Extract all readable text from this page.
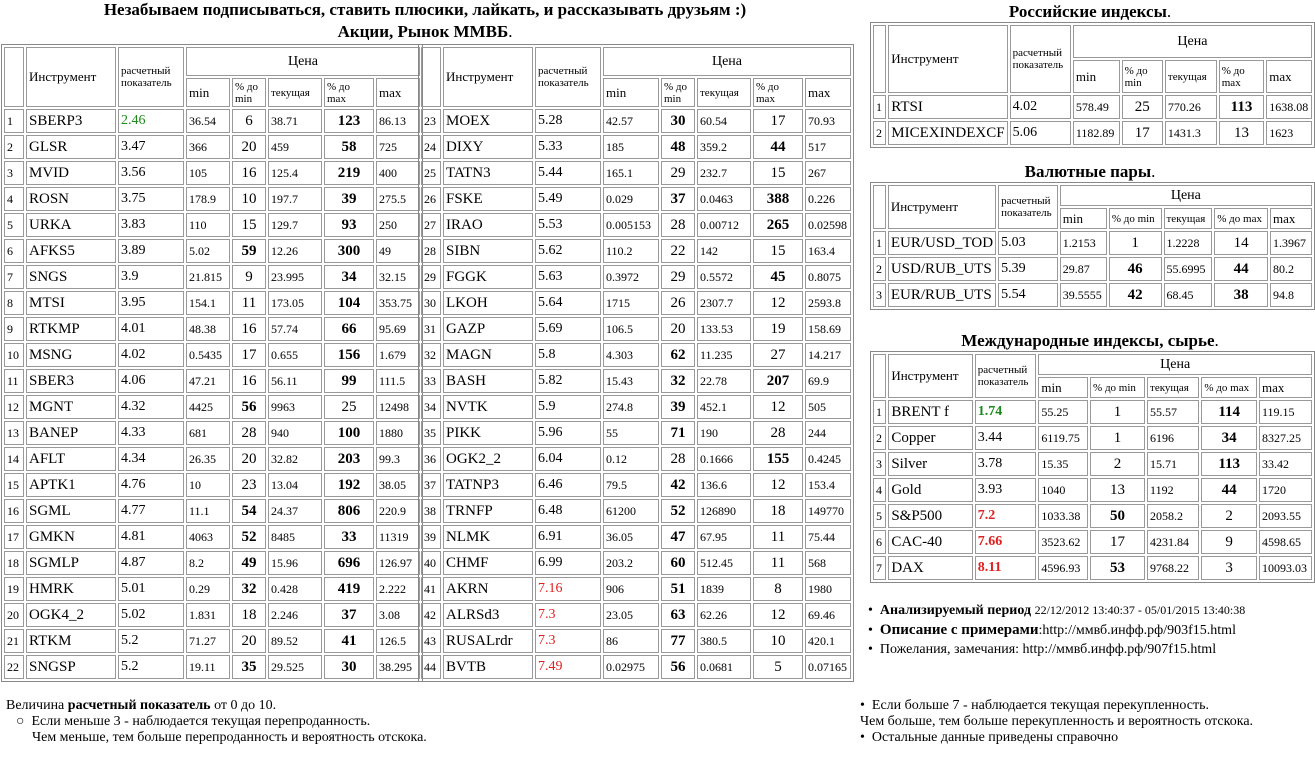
Незабываем подписываться, ставить плюсики, лайкать, и рассказывать друзьям :)
Акции, Рынок ММВБ.
	Инструмент	расчетный показатель	Цена				
			min	% до min	текущая	% до max	max
1	SBERP3	2.46	36.54	6	38.71	123	86.13
2	GLSR	3.47	366	20	459	58	725
3	MVID	3.56	105	16	125.4	219	400
4	ROSN	3.75	178.9	10	197.7	39	275.5
5	URKA	3.83	110	15	129.7	93	250
6	AFKS5	3.89	5.02	59	12.26	300	49
7	SNGS	3.9	21.815	9	23.995	34	32.15
8	MTSI	3.95	154.1	11	173.05	104	353.75
9	RTKMP	4.01	48.38	16	57.74	66	95.69
10	MSNG	4.02	0.5435	17	0.655	156	1.679
11	SBER3	4.06	47.21	16	56.11	99	111.5
12	MGNT	4.32	4425	56	9963	25	12498
13	BANEP	4.33	681	28	940	100	1880
14	AFLT	4.34	26.35	20	32.82	203	99.3
15	APTK1	4.76	10	23	13.04	192	38.05
16	SGML	4.77	11.1	54	24.37	806	220.9
17	GMKN	4.81	4063	52	8485	33	11319
18	SGMLP	4.87	8.2	49	15.96	696	126.97
19	HMRK	5.01	0.29	32	0.428	419	2.222
20	OGK4_2	5.02	1.831	18	2.246	37	3.08
21	RTKM	5.2	71.27	20	89.52	41	126.5
22	SNGSP	5.2	19.11	35	29.525	30	38.295
	Инструмент	расчетный показатель	Цена				
			min	% до min	текущая	% до max	max
23	MOEX	5.28	42.57	30	60.54	17	70.93
24	DIXY	5.33	185	48	359.2	44	517
25	TATN3	5.44	165.1	29	232.7	15	267
26	FSKE	5.49	0.029	37	0.0463	388	0.226
27	IRAO	5.53	0.005153	28	0.00712	265	0.02598
28	SIBN	5.62	110.2	22	142	15	163.4
29	FGGK	5.63	0.3972	29	0.5572	45	0.8075
30	LKOH	5.64	1715	26	2307.7	12	2593.8
31	GAZP	5.69	106.5	20	133.53	19	158.69
32	MAGN	5.8	4.303	62	11.235	27	14.217
33	BASH	5.82	15.43	32	22.78	207	69.9
34	NVTK	5.9	274.8	39	452.1	12	505
35	PIKK	5.96	55	71	190	28	244
36	OGK2_2	6.04	0.12	28	0.1666	155	0.4245
37	TATNP3	6.46	79.5	42	136.6	12	153.4
38	TRNFP	6.48	61200	52	126890	18	149770
39	NLMK	6.91	36.05	47	67.95	11	75.44
40	CHMF	6.99	203.2	60	512.45	11	568
41	AKRN	7.16	906	51	1839	8	1980
42	ALRSd3	7.3	23.05	63	62.26	12	69.46
43	RUSALrdr	7.3	86	77	380.5	10	420.1
44	BVTB	7.49	0.02975	56	0.0681	5	0.07165
Российские индексы.
	Инструмент	расчетный показатель	Цена				
			min	% до min	текущая	% до max	max
1	RTSI	4.02	578.49	25	770.26	113	1638.08
2	MICEXINDEXCF	5.06	1182.89	17	1431.3	13	1623
Валютные пары.
	Инструмент	расчетный показатель	Цена				
			min	% до min	текущая	% до max	max
1	EUR/USD_TOD	5.03	1.2153	1	1.2228	14	1.3967
2	USD/RUB_UTS	5.39	29.87	46	55.6995	44	80.2
3	EUR/RUB_UTS	5.54	39.5555	42	68.45	38	94.8
Международные индексы, сырье.
	Инструмент	расчетный показатель	Цена				
			min	% до min	текущая	% до max	max
1	BRENT f	1.74	55.25	1	55.57	114	119.15
2	Copper	3.44	6119.75	1	6196	34	8327.25
3	Silver	3.78	15.35	2	15.71	113	33.42
4	Gold	3.93	1040	13	1192	44	1720
5	S&P500	7.2	1033.38	50	2058.2	2	2093.55
6	CAC-40	7.66	3523.62	17	4231.84	9	4598.65
7	DAX	8.11	4596.93	53	9768.22	3	10093.03
•  Анализируемый период 22/12/2012 13:40:37 - 05/01/2015 13:40:38
•  Описание с примерами:http://ммвб.инфф.рф/903f15.html
•  Пожелания, замечания: http://ммвб.инфф.рф/907f15.html
Величина расчетный показатель от 0 до 10.
○  Если меньше 3 - наблюдается текущая перепроданность.
Чем меньше, тем больше перепроданность и вероятность отскока.
•  Если больше 7 - наблюдается текущая перекупленность.
Чем больше, тем больше перекупленность и вероятность отскока.
•  Остальные данные приведены справочно
